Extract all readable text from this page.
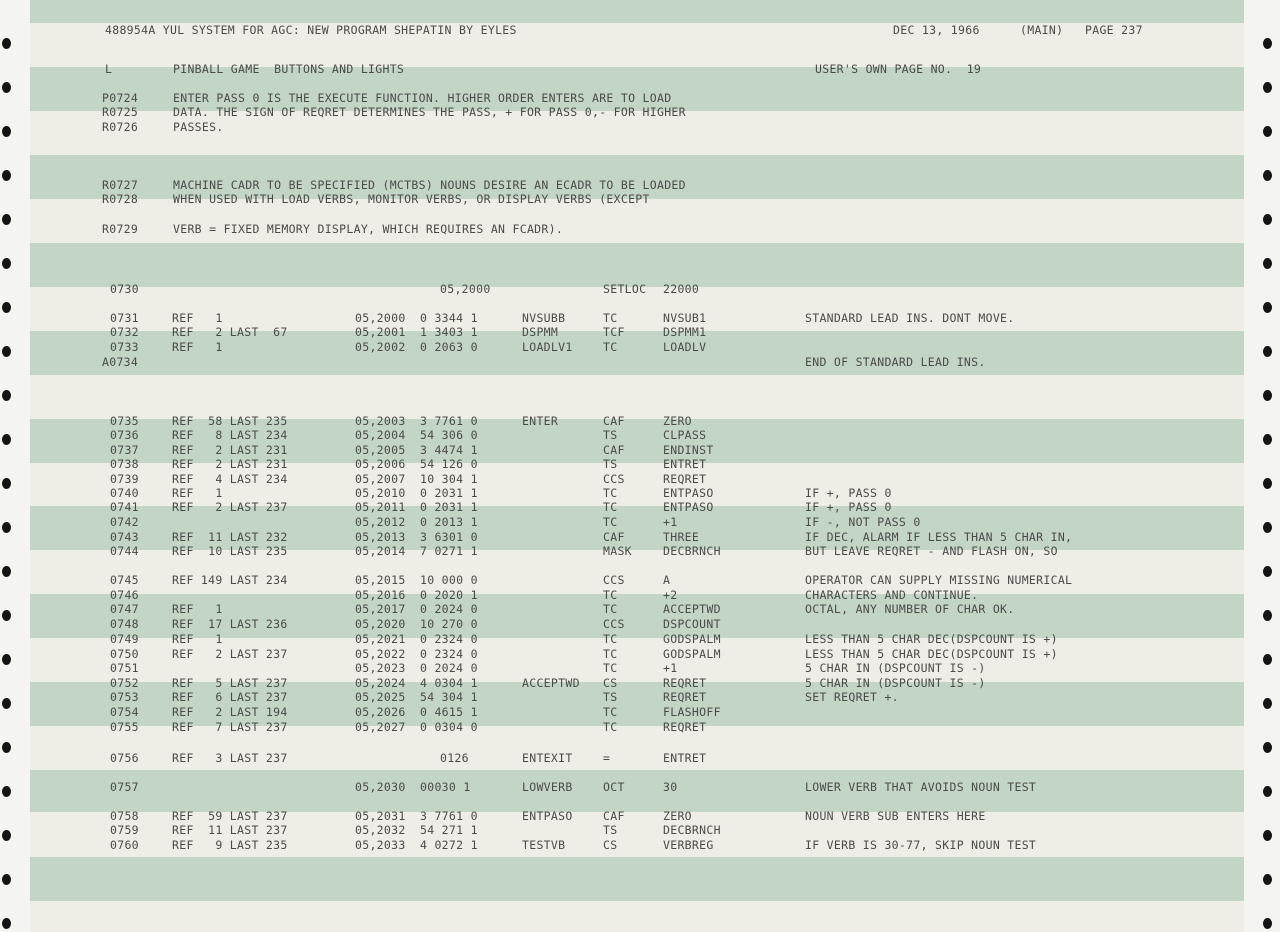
488954A YUL SYSTEM FOR AGC: NEW PROGRAM SHEPATIN BY EYLES

	DEC 13, 1966

	(MAIN)

PAGE 237

L

	PINBALL GAME  BUTTONS AND LIGHTS

	USER'S OWN PAGE NO.  19

P0724	ENTER PASS 0 IS THE EXECUTE FUNCTION. HIGHER ORDER ENTERS ARE TO LOAD
R0725	DATA. THE SIGN OF REQRET DETERMINES THE PASS, + FOR PASS 0,- FOR HIGHER
R0726	PASSES.
R0727	MACHINE CADR TO BE SPECIFIED (MCTBS) NOUNS DESIRE AN ECADR TO BE LOADED
R0728	WHEN USED WITH LOAD VERBS, MONITOR VERBS, OR DISPLAY VERBS (EXCEPT
R0729	VERB = FIXED MEMORY DISPLAY, WHICH REQUIRES AN FCADR).
0730	05,2000	SETLOC 22000
0731	REF   1	05,2000 0 3344 1	NVSUBB	TC	NVSUB1	STANDARD LEAD INS. DONT MOVE.
0732	REF   2 LAST  67	05,2001 1 3403 1	DSPMM	TCF	DSPMM1
0733	REF   1	05,2002 0 2063 0	LOADLV1	TC	LOADLV
A0734	END OF STANDARD LEAD INS.
0735	REF  58 LAST 235	05,2003 3 7761 0	ENTER	CAF	ZERO
0736	REF   8 LAST 234	05,2004 54 306 0	TS	CLPASS
0737	REF   2 LAST 231	05,2005 3 4474 1	CAF	ENDINST
0738	REF   2 LAST 231	05,2006 54 126 0	TS	ENTRET
0739	REF   4 LAST 234	05,2007 10 304 1	CCS	REQRET
0740	REF   1	05,2010 0 2031 1	TC	ENTPASO	IF +, PASS 0
0741	REF   2 LAST 237	05,2011 0 2031 1	TC	ENTPASO	IF +, PASS 0
0742	05,2012 0 2013 1	TC	+1	IF -, NOT PASS 0
0743	REF  11 LAST 232	05,2013 3 6301 0	CAF	THREE	IF DEC, ALARM IF LESS THAN 5 CHAR IN,
0744	REF  10 LAST 235	05,2014 7 0271 1	MASK	DECBRNCH	BUT LEAVE REQRET - AND FLASH ON, SO
0745	REF 149 LAST 234	05,2015 10 000 0	CCS	A	OPERATOR CAN SUPPLY MISSING NUMERICAL
0746	05,2016 0 2020 1	TC	+2	CHARACTERS AND CONTINUE.
0747	REF   1	05,2017 0 2024 0	TC	ACCEPTWD	OCTAL, ANY NUMBER OF CHAR OK.
0748	REF  17 LAST 236	05,2020 10 270 0	CCS	DSPCOUNT
0749	REF   1	05,2021 0 2324 0	TC	GODSPALM	LESS THAN 5 CHAR DEC(DSPCOUNT IS +)
0750	REF   2 LAST 237	05,2022 0 2324 0	TC	GODSPALM	LESS THAN 5 CHAR DEC(DSPCOUNT IS +)
0751	05,2023 0 2024 0	TC	+1	5 CHAR IN (DSPCOUNT IS -)
0752	REF   5 LAST 237	05,2024 4 0304 1	ACCEPTWD CS	REQRET	5 CHAR IN (DSPCOUNT IS -)
0753	REF   6 LAST 237	05,2025 54 304 1	TS	REQRET	SET REQRET +.
0754	REF   2 LAST 194	05,2026 0 4615 1	TC	FLASHOFF
0755	REF   7 LAST 237	05,2027 0 0304 0	TC	REQRET
0756	REF   3 LAST 237	0126	ENTEXIT	=	ENTRET
0757	05,2030 00030 1	LOWVERB	OCT	30	LOWER VERB THAT AVOIDS NOUN TEST
0758	REF  59 LAST 237	05,2031 3 7761 0	ENTPASO	CAF	ZERO	NOUN VERB SUB ENTERS HERE
0759	REF  11 LAST 237	05,2032 54 271 1	TS	DECBRNCH
0760	REF   9 LAST 235	05,2033 4 0272 1	TESTVB	CS	VERBREG	IF VERB IS 30-77, SKIP NOUN TEST
